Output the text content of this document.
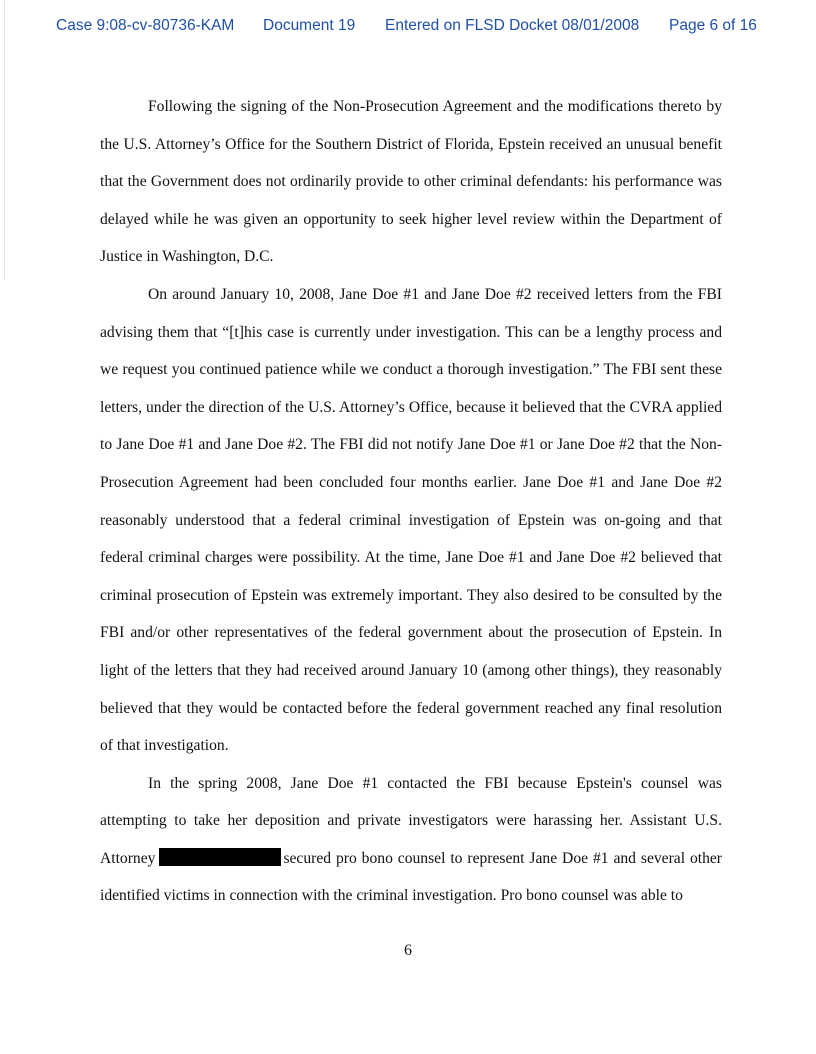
Case 9:08-cv-80736-KAM Document 19 Entered on FLSD Docket 08/01/2008 Page 6 of 16

Following the signing of the Non-Prosecution Agreement and the modifications thereto by the U.S. Attorney’s Office for the Southern District of Florida, Epstein received an unusual benefit that the Government does not ordinarily provide to other criminal defendants: his performance was delayed while he was given an opportunity to seek higher level review within the Department of Justice in Washington, D.C.

On around January 10, 2008, Jane Doe #1 and Jane Doe #2 received letters from the FBI advising them that “[t]his case is currently under investigation. This can be a lengthy process and we request you continued patience while we conduct a thorough investigation.” The FBI sent these letters, under the direction of the U.S. Attorney’s Office, because it believed that the CVRA applied to Jane Doe #1 and Jane Doe #2. The FBI did not notify Jane Doe #1 or Jane Doe #2 that the Non-Prosecution Agreement had been concluded four months earlier. Jane Doe #1 and Jane Doe #2 reasonably understood that a federal criminal investigation of Epstein was on-going and that federal criminal charges were possibility. At the time, Jane Doe #1 and Jane Doe #2 believed that criminal prosecution of Epstein was extremely important. They also desired to be consulted by the FBI and/or other representatives of the federal government about the prosecution of Epstein. In light of the letters that they had received around January 10 (among other things), they reasonably believed that they would be contacted before the federal government reached any final resolution of that investigation.

In the spring 2008, Jane Doe #1 contacted the FBI because Epstein's counsel was attempting to take her deposition and private investigators were harassing her. Assistant U.S. Attorney	secured pro bono counsel to represent Jane Doe #1 and several other identified victims in connection with the criminal investigation. Pro bono counsel was able to

6
